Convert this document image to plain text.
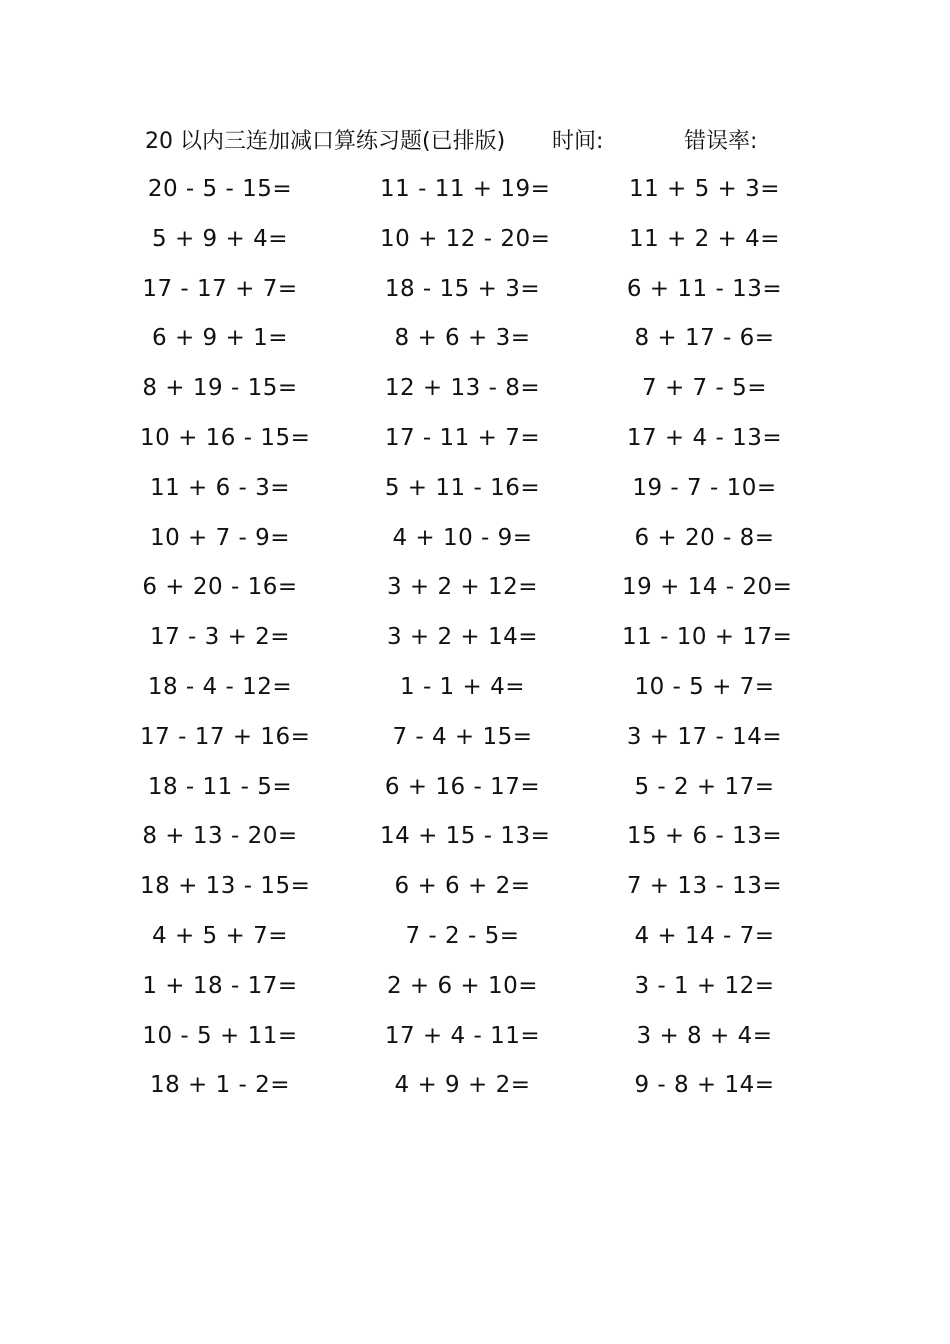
20 以内三连加减口算练习题(已排版) 时间:	错误率:
20 - 5 - 15=	11 - 11 + 19=	11 + 5 + 3=
5 + 9 + 4=	10 + 12 - 20=	11 + 2 + 4=
17 - 17 + 7=	18 - 15 + 3=	6 + 11 - 13=
6 + 9 + 1=	8 + 6 + 3=	8 + 17 - 6=
8 + 19 - 15=	12 + 13 - 8=	7 + 7 - 5=
10 + 16 - 15=	17 - 11 + 7=	17 + 4 - 13=
11 + 6 - 3=	5 + 11 - 16=	19 - 7 - 10=
10 + 7 - 9=	4 + 10 - 9=	6 + 20 - 8=
6 + 20 - 16=	3 + 2 + 12=	19 + 14 - 20=
17 - 3 + 2=	3 + 2 + 14=	11 - 10 + 17=
18 - 4 - 12=	1 - 1 + 4=	10 - 5 + 7=
17 - 17 + 16=	7 - 4 + 15=	3 + 17 - 14=
18 - 11 - 5=	6 + 16 - 17=	5 - 2 + 17=
8 + 13 - 20=	14 + 15 - 13=	15 + 6 - 13=
18 + 13 - 15=	6 + 6 + 2=	7 + 13 - 13=
4 + 5 + 7=	7 - 2 - 5=	4 + 14 - 7=
1 + 18 - 17=	2 + 6 + 10=	3 - 1 + 12=
10 - 5 + 11=	17 + 4 - 11=	3 + 8 + 4=
18 + 1 - 2=	4 + 9 + 2=	9 - 8 + 14=
